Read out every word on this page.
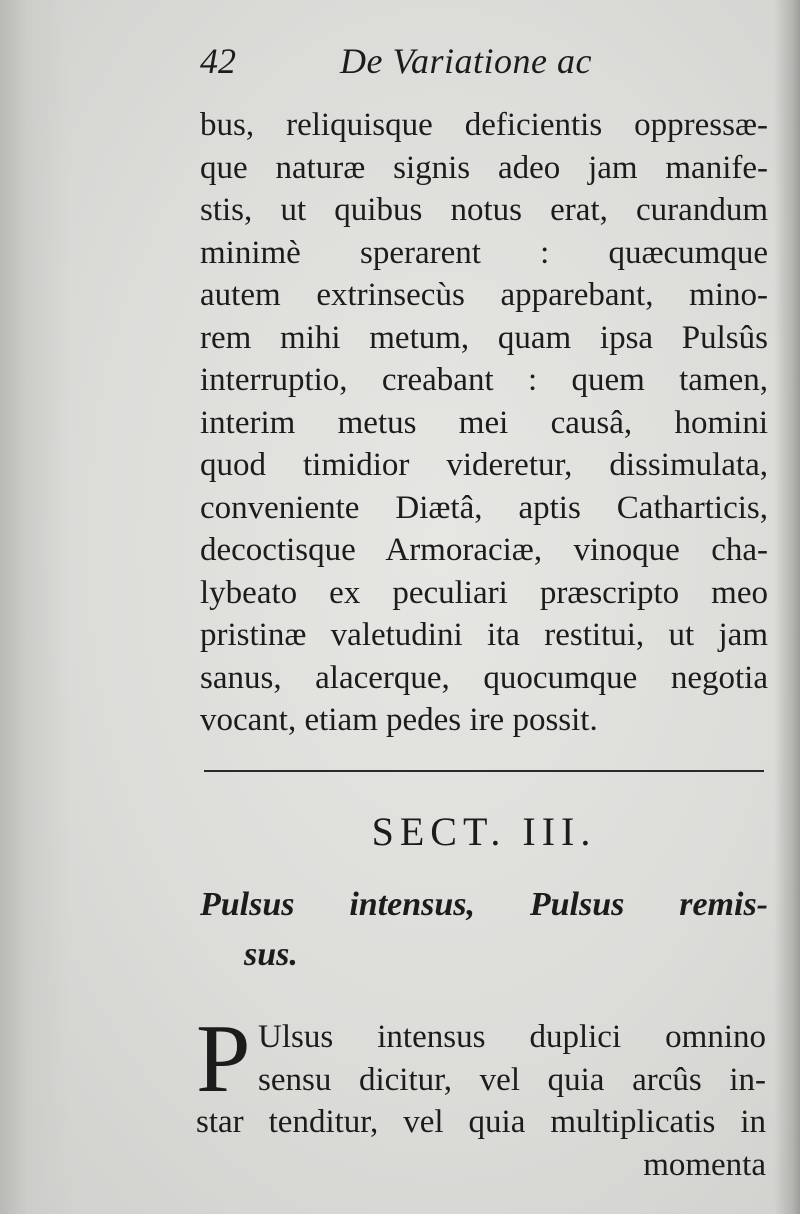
42	De Variatione ac
bus, reliquisque deficientis oppressæ-
que naturæ signis adeo jam manife-
stis, ut quibus notus erat, curandum
minimè sperarent : quæcumque
autem extrinsecùs apparebant, mino-
rem mihi metum, quam ipsa Pulsûs
interruptio, creabant : quem tamen,
interim metus mei causâ, homini
quod timidior videretur, dissimulata,
conveniente Diætâ, aptis Catharticis,
decoctisque Armoraciæ, vinoque cha-
lybeato ex peculiari præscripto meo
pristinæ valetudini ita restitui, ut jam
sanus, alacerque, quocumque negotia
vocant, etiam pedes ire possit.
SECT. III.
Pulsus intensus, Pulsus remis-
sus.
P Ulsus intensus duplici omnino
sensu dicitur, vel quia arcûs in-
star tenditur, vel quia multiplicatis in
momenta
